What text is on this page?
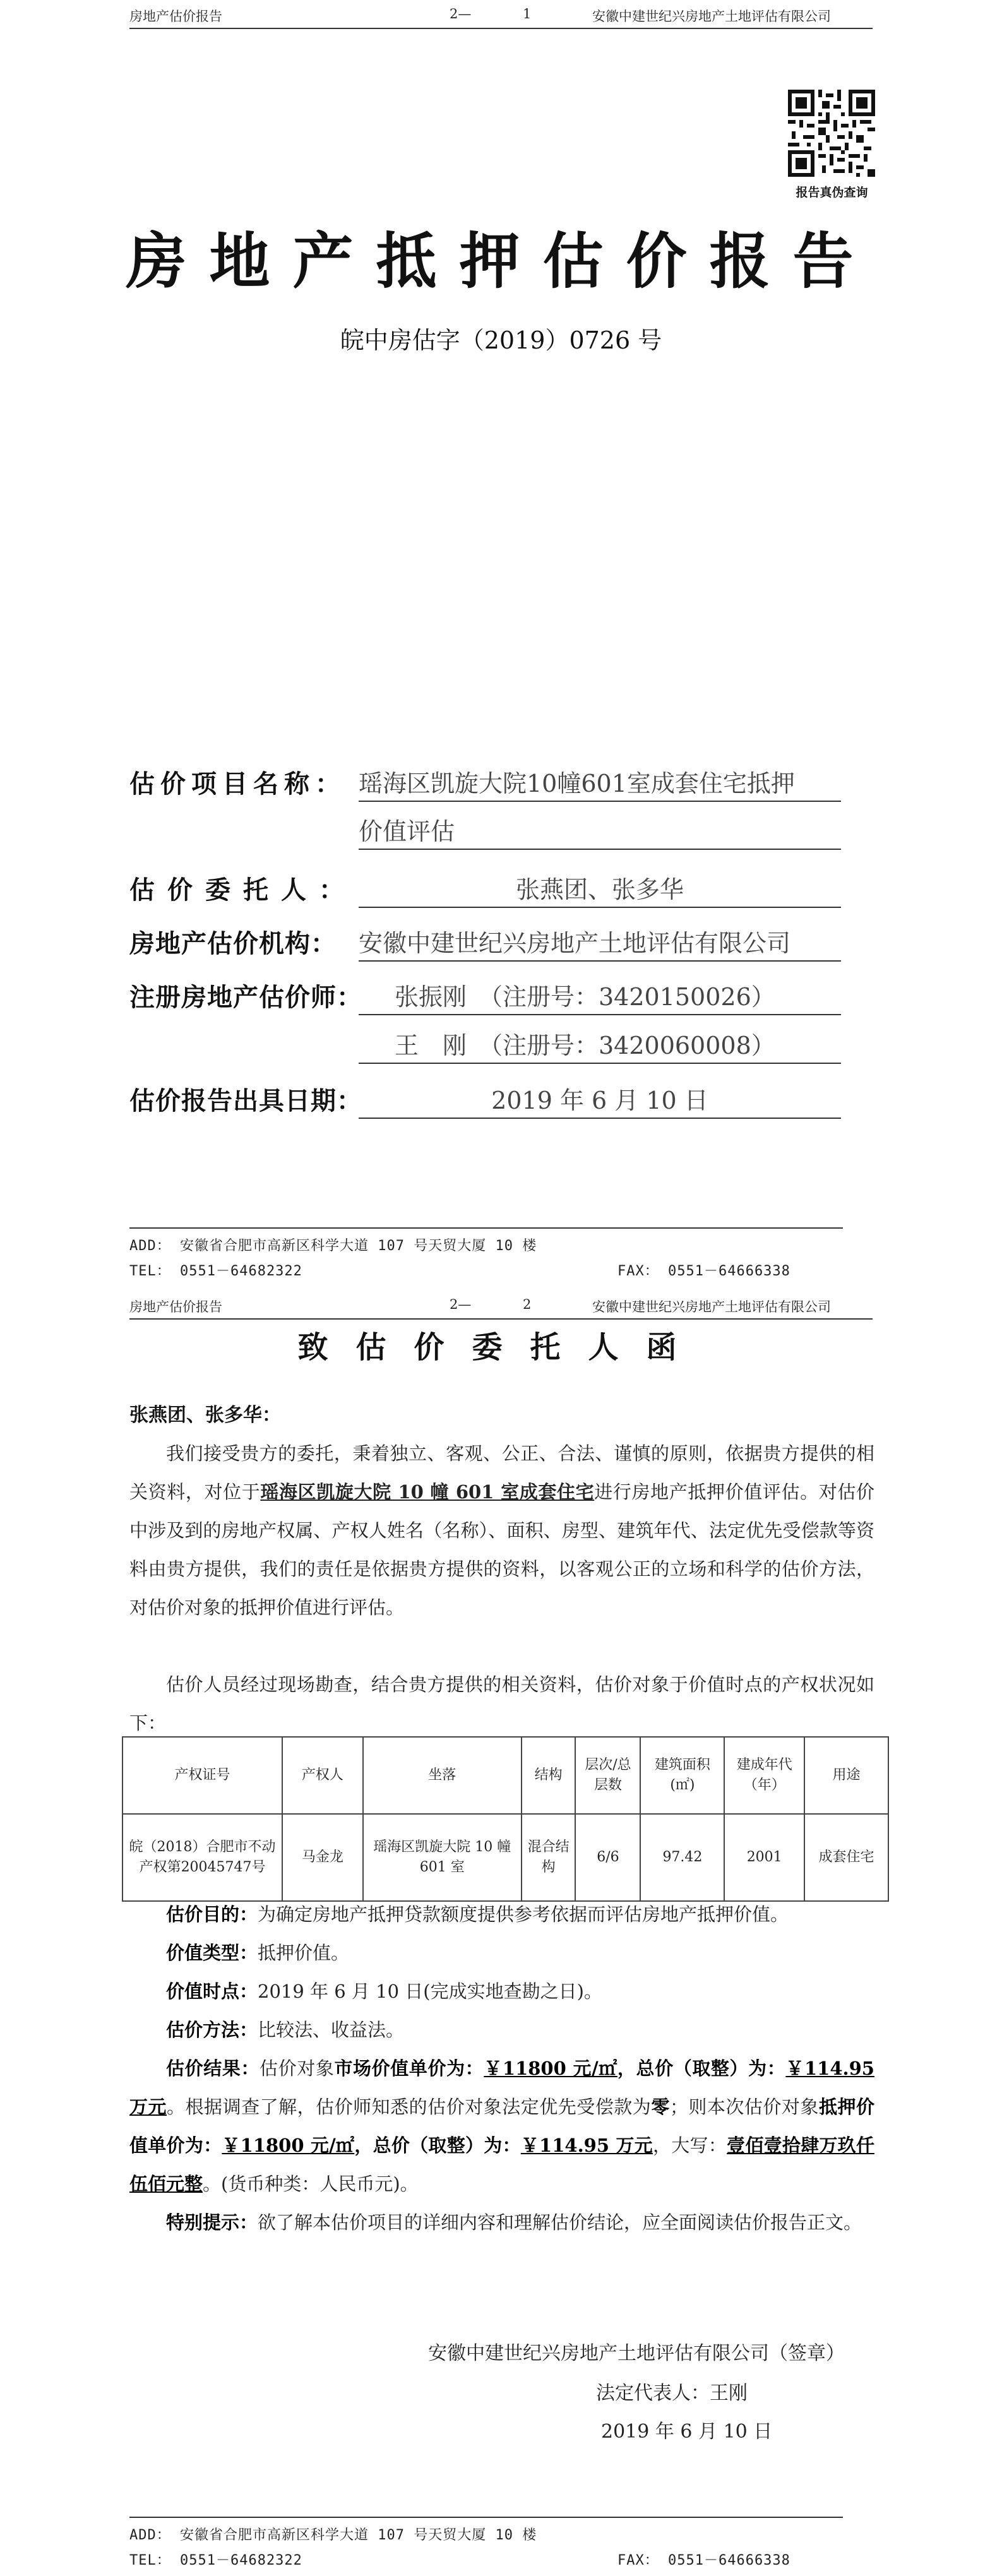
房地产估价报告	2—	1	安徽中建世纪兴房地产土地评估有限公司
报告真伪查询
房地产抵押估价报告
皖中房估字（2019）0726 号
估价项目名称： 瑶海区凯旋大院10幢601室成套住宅抵押
价值评估
估价委托人：	张燕团、张多华
房地产估价机构： 安徽中建世纪兴房地产土地评估有限公司
注册房地产估价师： 张振刚　（注册号：3420150026）
王　刚　（注册号：3420060008）
估价报告出具日期：	2019 年 6 月 10 日
ADD： 安徽省合肥市高新区科学大道 107 号天贸大厦 10 楼
TEL： 0551－64682322	FAX： 0551－64666338
房地产估价报告	2—	2	安徽中建世纪兴房地产土地评估有限公司
致估价委托人函
张燕团、张多华：
我们接受贵方的委托，秉着独立、客观、公正、合法、谨慎的原则，依据贵方提供的相关资料，对位于瑶海区凯旋大院 10 幢 601 室成套住宅进行房地产抵押价值评估。对估价中涉及到的房地产权属、产权人姓名（名称）、面积、房型、建筑年代、法定优先受偿款等资料由贵方提供，我们的责任是依据贵方提供的资料，以客观公正的立场和科学的估价方法，对估价对象的抵押价值进行评估。
估价人员经过现场勘查，结合贵方提供的相关资料，估价对象于价值时点的产权状况如下：
产权证号	产权人	坐落	结构	层次/总层数	建筑面积(㎡)	建成年代（年）	用途
皖（2018）合肥市不动产权第20045747号	马金龙	瑶海区凯旋大院 10 幢 601 室	混合结构	6/6	97.42	2001	成套住宅
估价目的：为确定房地产抵押贷款额度提供参考依据而评估房地产抵押价值。
价值类型：抵押价值。
价值时点：2019 年 6 月 10 日(完成实地查勘之日)。
估价方法：比较法、收益法。
估价结果：估价对象市场价值单价为：￥11800 元/㎡，总价（取整）为：￥114.95 万元。根据调查了解，估价师知悉的估价对象法定优先受偿款为零；则本次估价对象抵押价值单价为：￥11800 元/㎡，总价（取整）为：￥114.95 万元，大写：壹佰壹拾肆万玖仟伍佰元整。(货币种类：人民币元)。
特别提示：欲了解本估价项目的详细内容和理解估价结论，应全面阅读估价报告正文。
安徽中建世纪兴房地产土地评估有限公司（签章）
法定代表人：王刚
2019 年 6 月 10 日
ADD： 安徽省合肥市高新区科学大道 107 号天贸大厦 10 楼
TEL： 0551－64682322	FAX： 0551－64666338
